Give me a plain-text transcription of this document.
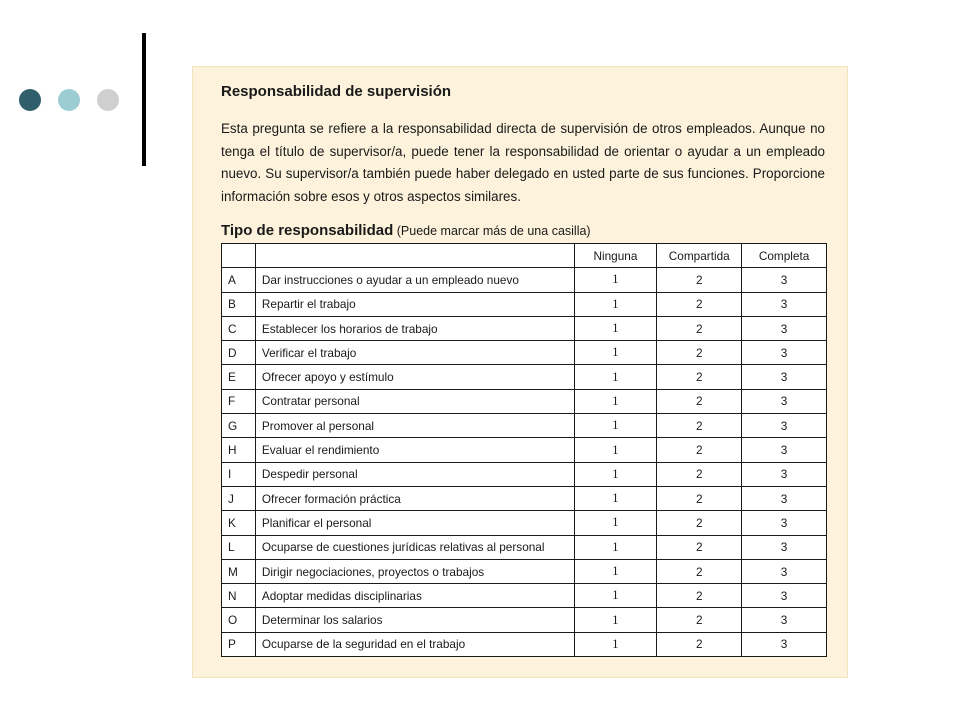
Responsabilidad de supervisión
Esta pregunta se refiere a la responsabilidad directa de supervisión de otros empleados. Aunque no tenga el título de supervisor/a, puede tener la responsabilidad de orientar o ayudar a un empleado nuevo. Su supervisor/a también puede haber delegado en usted parte de sus funciones. Proporcione información sobre esos y otros aspectos similares.
Tipo de responsabilidad (Puede marcar más de una casilla)
		Ninguna	Compartida	Completa
A	Dar instrucciones o ayudar a un empleado nuevo	1	2	3
B	Repartir el trabajo	1	2	3
C	Establecer los horarios de trabajo	1	2	3
D	Verificar el trabajo	1	2	3
E	Ofrecer apoyo y estímulo	1	2	3
F	Contratar personal	1	2	3
G	Promover al personal	1	2	3
H	Evaluar el rendimiento	1	2	3
I	Despedir personal	1	2	3
J	Ofrecer formación práctica	1	2	3
K	Planificar el personal	1	2	3
L	Ocuparse de cuestiones jurídicas relativas al personal	1	2	3
M	Dirigir negociaciones, proyectos o trabajos	1	2	3
N	Adoptar medidas disciplinarias	1	2	3
O	Determinar los salarios	1	2	3
P	Ocuparse de la seguridad en el trabajo	1	2	3
